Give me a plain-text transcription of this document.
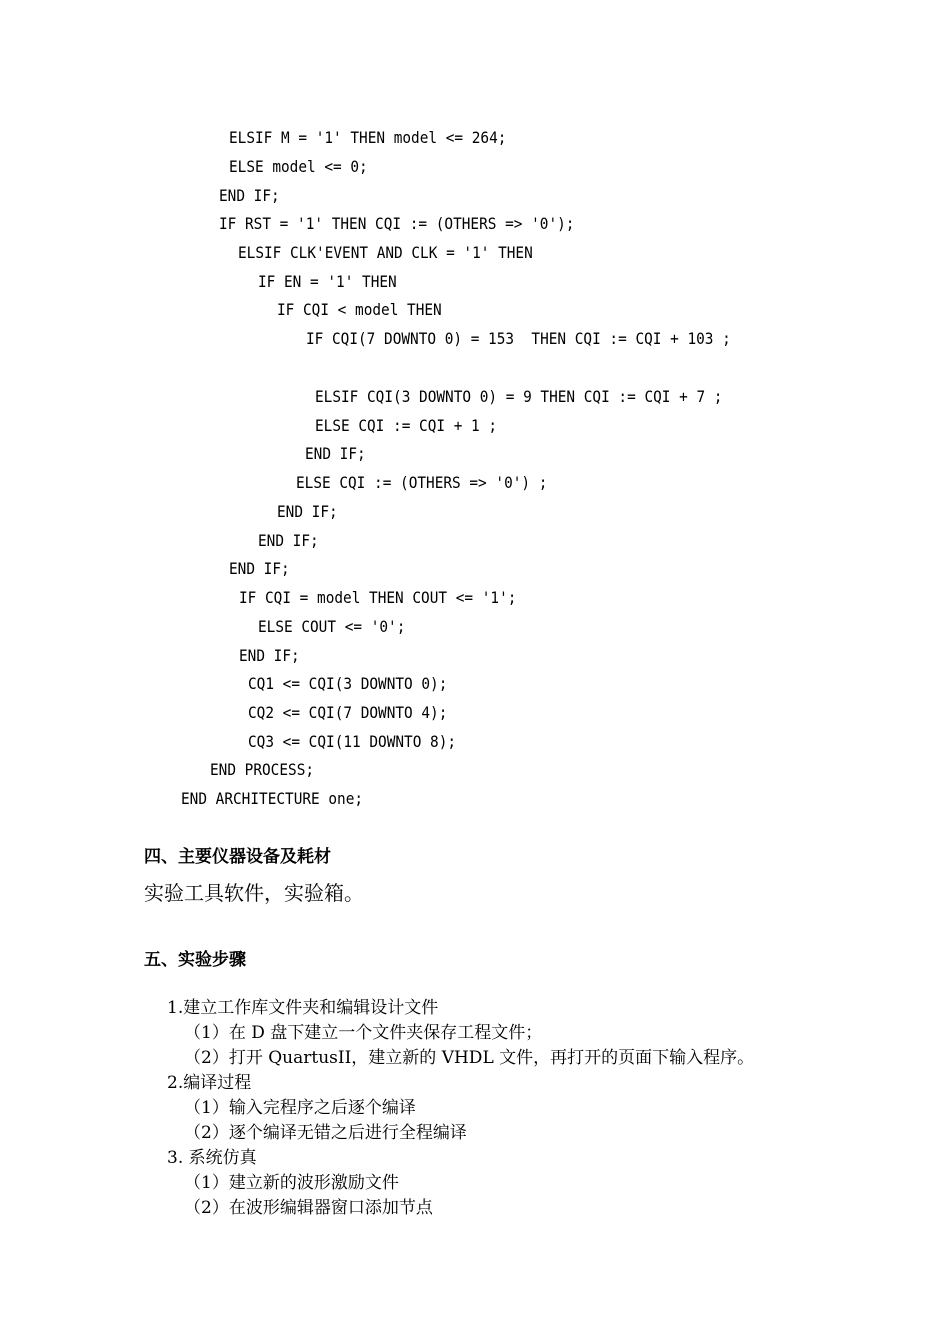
ELSIF M = '1' THEN model <= 264;
ELSE model <= 0;
END IF;
IF RST = '1' THEN CQI := (OTHERS => '0');
ELSIF CLK'EVENT AND CLK = '1' THEN
IF EN = '1' THEN
IF CQI < model THEN
IF CQI(7 DOWNTO 0) = 153  THEN CQI := CQI + 103 ;
ELSIF CQI(3 DOWNTO 0) = 9 THEN CQI := CQI + 7 ;
ELSE CQI := CQI + 1 ;
END IF;
ELSE CQI := (OTHERS => '0') ;
END IF;
END IF;
END IF;
IF CQI = model THEN COUT <= '1';
ELSE COUT <= '0';
END IF;
CQ1 <= CQI(3 DOWNTO 0);
CQ2 <= CQI(7 DOWNTO 4);
CQ3 <= CQI(11 DOWNTO 8);
END PROCESS;
END ARCHITECTURE one;
四、主要仪器设备及耗材
实验工具软件，实验箱。
五、实验步骤
1.建立工作库文件夹和编辑设计文件
（1）在 D 盘下建立一个文件夹保存工程文件；
（2）打开 QuartusII，建立新的 VHDL 文件，再打开的页面下输入程序。
2.编译过程
（1）输入完程序之后逐个编译
（2）逐个编译无错之后进行全程编译
3. 系统仿真
（1）建立新的波形激励文件
（2）在波形编辑器窗口添加节点
